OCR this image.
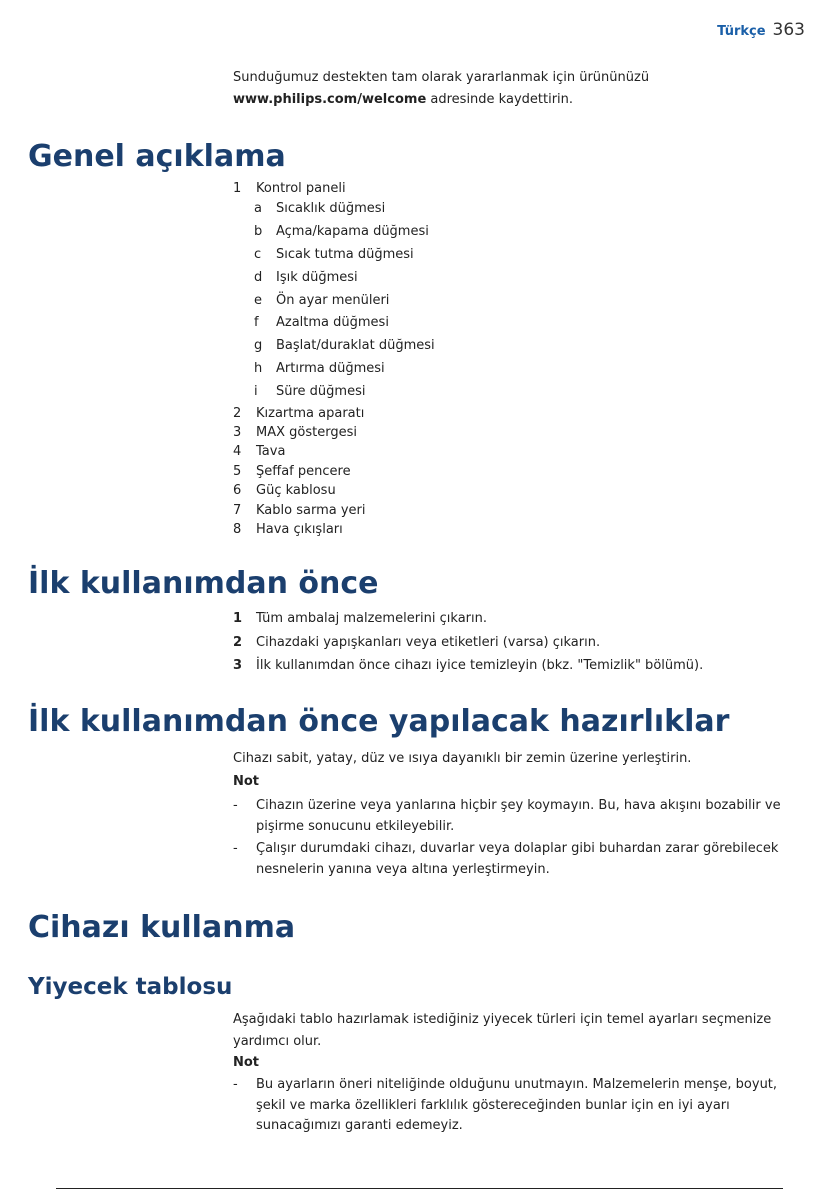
Türkçe 363

Sunduğumuz destekten tam olarak yararlanmak için ürününüzü
www.philips.com/welcome adresinde kaydettirin.

Genel açıklama
1	Kontrol paneli
a	Sıcaklık düğmesi
b	Açma/kapama düğmesi
c	Sıcak tutma düğmesi
d	Işık düğmesi
e	Ön ayar menüleri
f	Azaltma düğmesi
g	Başlat/duraklat düğmesi
h	Artırma düğmesi
i	Süre düğmesi
2	Kızartma aparatı
3	MAX göstergesi
4	Tava
5	Şeffaf pencere
6	Güç kablosu
7	Kablo sarma yeri
8	Hava çıkışları
İlk kullanımdan önce
1	Tüm ambalaj malzemelerini çıkarın.
2	Cihazdaki yapışkanları veya etiketleri (varsa) çıkarın.
3	İlk kullanımdan önce cihazı iyice temizleyin (bkz. "Temizlik" bölümü).
İlk kullanımdan önce yapılacak hazırlıklar

Cihazı sabit, yatay, düz ve ısıya dayanıklı bir zemin üzerine yerleştirin.

Not
-	Cihazın üzerine veya yanlarına hiçbir şey koymayın. Bu, hava akışını bozabilir ve pişirme sonucunu etkileyebilir.
-	Çalışır durumdaki cihazı, duvarlar veya dolaplar gibi buhardan zarar görebilecek nesnelerin yanına veya altına yerleştirmeyin.
Cihazı kullanma
Yiyecek tablosu

Aşağıdaki tablo hazırlamak istediğiniz yiyecek türleri için temel ayarları seçmenize yardımcı olur.

Not
-	Bu ayarların öneri niteliğinde olduğunu unutmayın. Malzemelerin menşe, boyut, şekil ve marka özellikleri farklılık göstereceğinden bunlar için en iyi ayarı sunacağımızı garanti edemeyiz.
